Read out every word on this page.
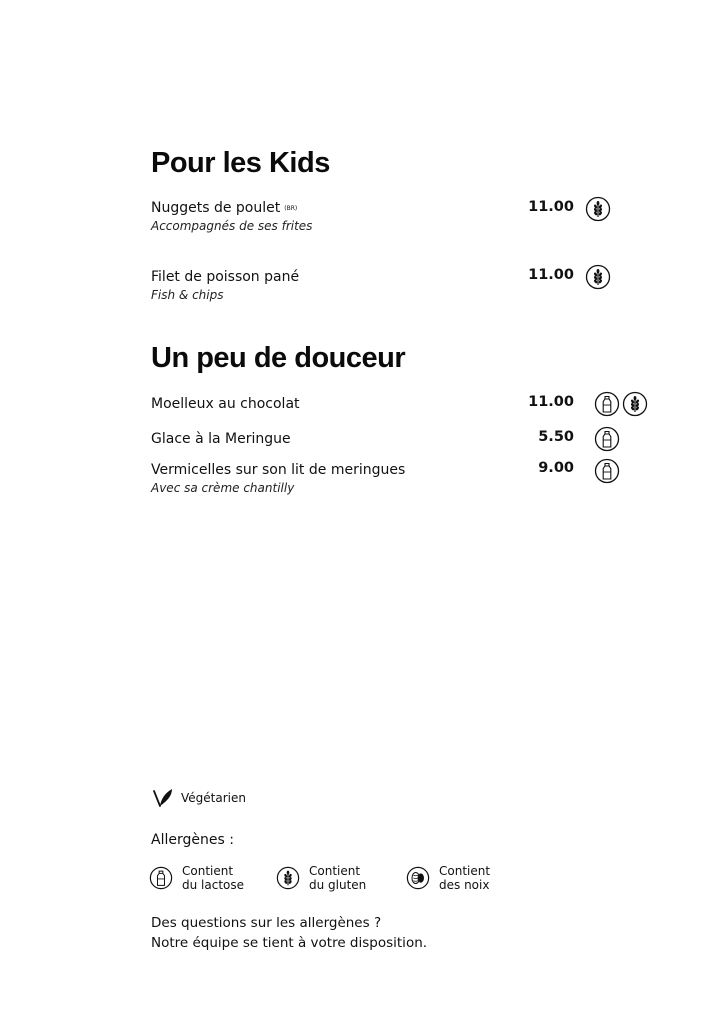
Pour les Kids
Nuggets de poulet (BR)
Accompagnés de ses frites
11.00
Filet de poisson pané
Fish & chips
11.00
Un peu de douceur
Moelleux au chocolat	11.00
Glace à la Meringue	5.50
Vermicelles sur son lit de meringues
Avec sa crème chantilly
9.00
Végétarien
Allergènes :
Contient
du lactose
Contient
du gluten
Contient
des noix
Des questions sur les allergènes ?
Notre équipe se tient à votre disposition.
